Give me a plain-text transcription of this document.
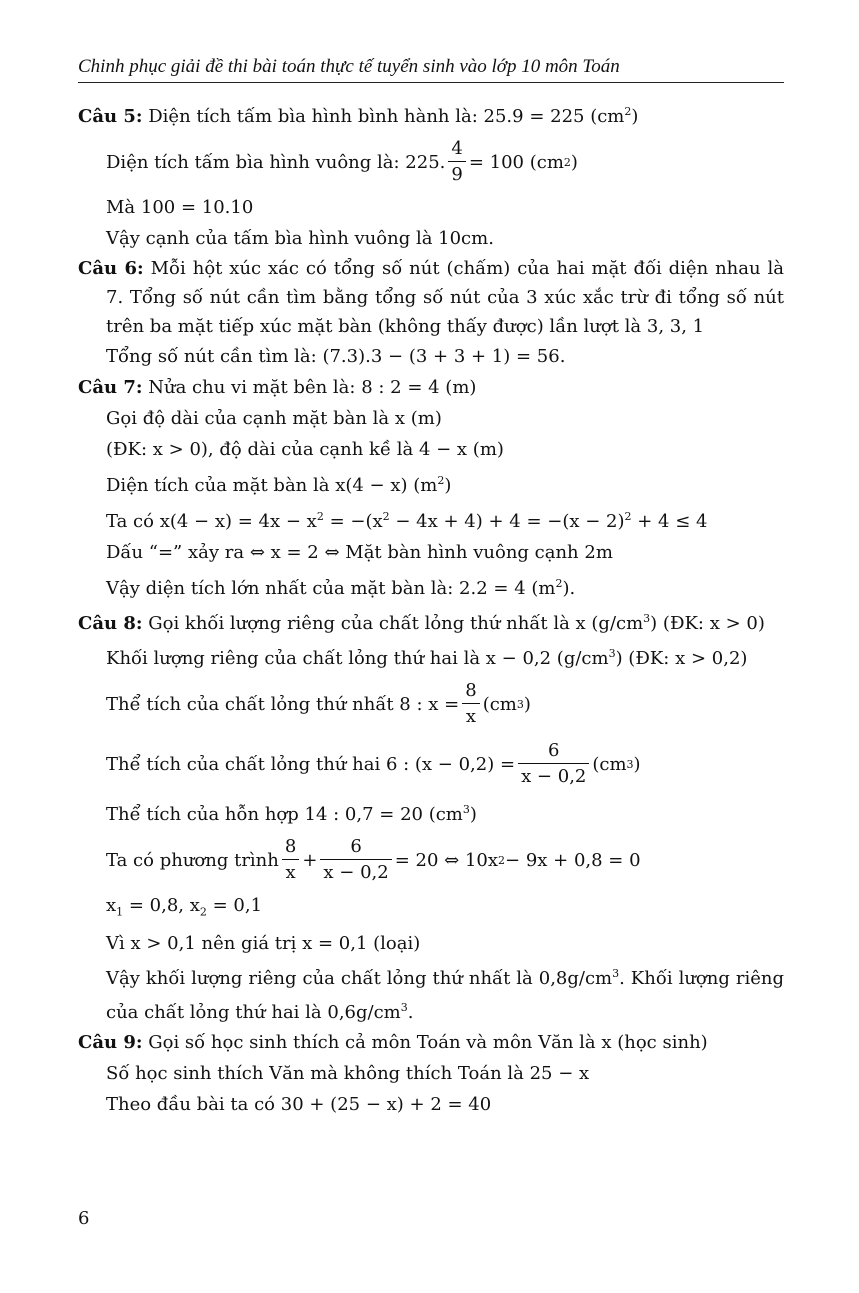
Chinh phục giải đề thi bài toán thực tế tuyển sinh vào lớp 10 môn Toán
Câu 5: Diện tích tấm bìa hình bình hành là: 25.9 = 225 $(cm^2)$
Diện tích tấm bìa hình vuông là: 225. $\frac{4}{9} = 100$ (cm 2 )
Mà 100 = 10.10
Vậy cạnh của tấm bìa hình vuông là 10cm.
Câu 6: Mỗi hột xúc xác có tổng số nút (chấm) của hai mặt đối diện nhau là 7. Tổng số nút cần tìm bằng tổng số nút của 3 xúc xắc trừ đi tổng số nút trên ba mặt tiếp xúc mặt bàn (không thấy được) lần lượt là 3, 3, 1
Tổng số nút cần tìm là: (7.3).3 − (3 + 3 + 1) = 56.
Câu 7: Nửa chu vi mặt bên là: 8 : 2 = 4 (m)
Gọi độ dài của cạnh mặt bàn là x (m)
(ĐK: x > 0), độ dài của cạnh kề là 4 − x (m)
Diện tích của mặt bàn là x(4 − x) $(m^2)$
Ta có $x(4 - x) = 4x - x^2 = -(x^2 - 4x + 4) + 4 = -(x - 2)^2 + 4 \le 4$
Dấu “=” xảy ra ⇔ x = 2 ⇔ Mặt bàn hình vuông cạnh 2m
Vậy diện tích lớn nhất của mặt bàn là: 2.2 = 4 $(m^2)$.
Câu 8: Gọi khối lượng riêng của chất lỏng thứ nhất là x $(g/cm^3)$ (ĐK: x > 0)
Khối lượng riêng của chất lỏng thứ hai là x − 0,2 $(g/cm^3)$ (ĐK: x > 0,2)
Thể tích của chất lỏng thứ nhất 8 : $x = \frac{8}{x} (cm$ 3 )
Thể tích của chất lỏng thứ hai 6 : $(x - 0,2) = \frac{6}{x - 0,2} (cm$ 3 )
Thể tích của hỗn hợp 14 : 0,7 = 20 $(cm^3)$
Ta có phương trình
8
x
+ $\frac{6}{x - 0,2} = 20$ ⇔ 10x 2 − 9x + 0,8 = 0
$x_1 = 0,8$, $x_2 = 0,1$
Vì x > 0,1 nên giá trị x = 0,1 (loại)
Vậy khối lượng riêng của chất lỏng thứ nhất là $0,8g/cm^3$. Khối lượng riêng của chất lỏng thứ hai là $0,6g/cm^3$.
Câu 9: Gọi số học sinh thích cả môn Toán và môn Văn là x (học sinh)
Số học sinh thích Văn mà không thích Toán là 25 − x
Theo đầu bài ta có 30 + (25 − x) + 2 = 40
6
